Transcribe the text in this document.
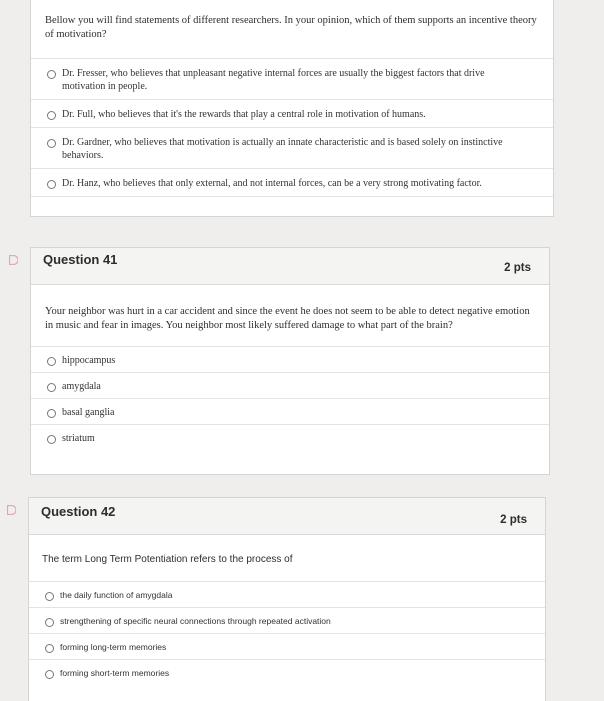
Bellow you will find statements of different researchers. In your opinion, which of them supports an incentive theory of motivation?
Dr. Fresser, who believes that unpleasant negative internal forces are usually the biggest factors that drive motivation in people.
Dr. Full, who believes that it's the rewards that play a central role in motivation of humans.
Dr. Gardner, who believes that motivation is actually an innate characteristic and is based solely on instinctive behaviors.
Dr. Hanz, who believes that only external, and not internal forces, can be a very strong motivating factor.
Question 41
2 pts
Your neighbor was hurt in a car accident and since the event he does not seem to be able to detect negative emotion in music and fear in images. You neighbor most likely suffered damage to what part of the brain?
hippocampus
amygdala
basal ganglia
striatum
Question 42
2 pts
The term Long Term Potentiation refers to the process of
the daily function of amygdala
strengthening of specific neural connections through repeated activation
forming long-term memories
forming short-term memories
